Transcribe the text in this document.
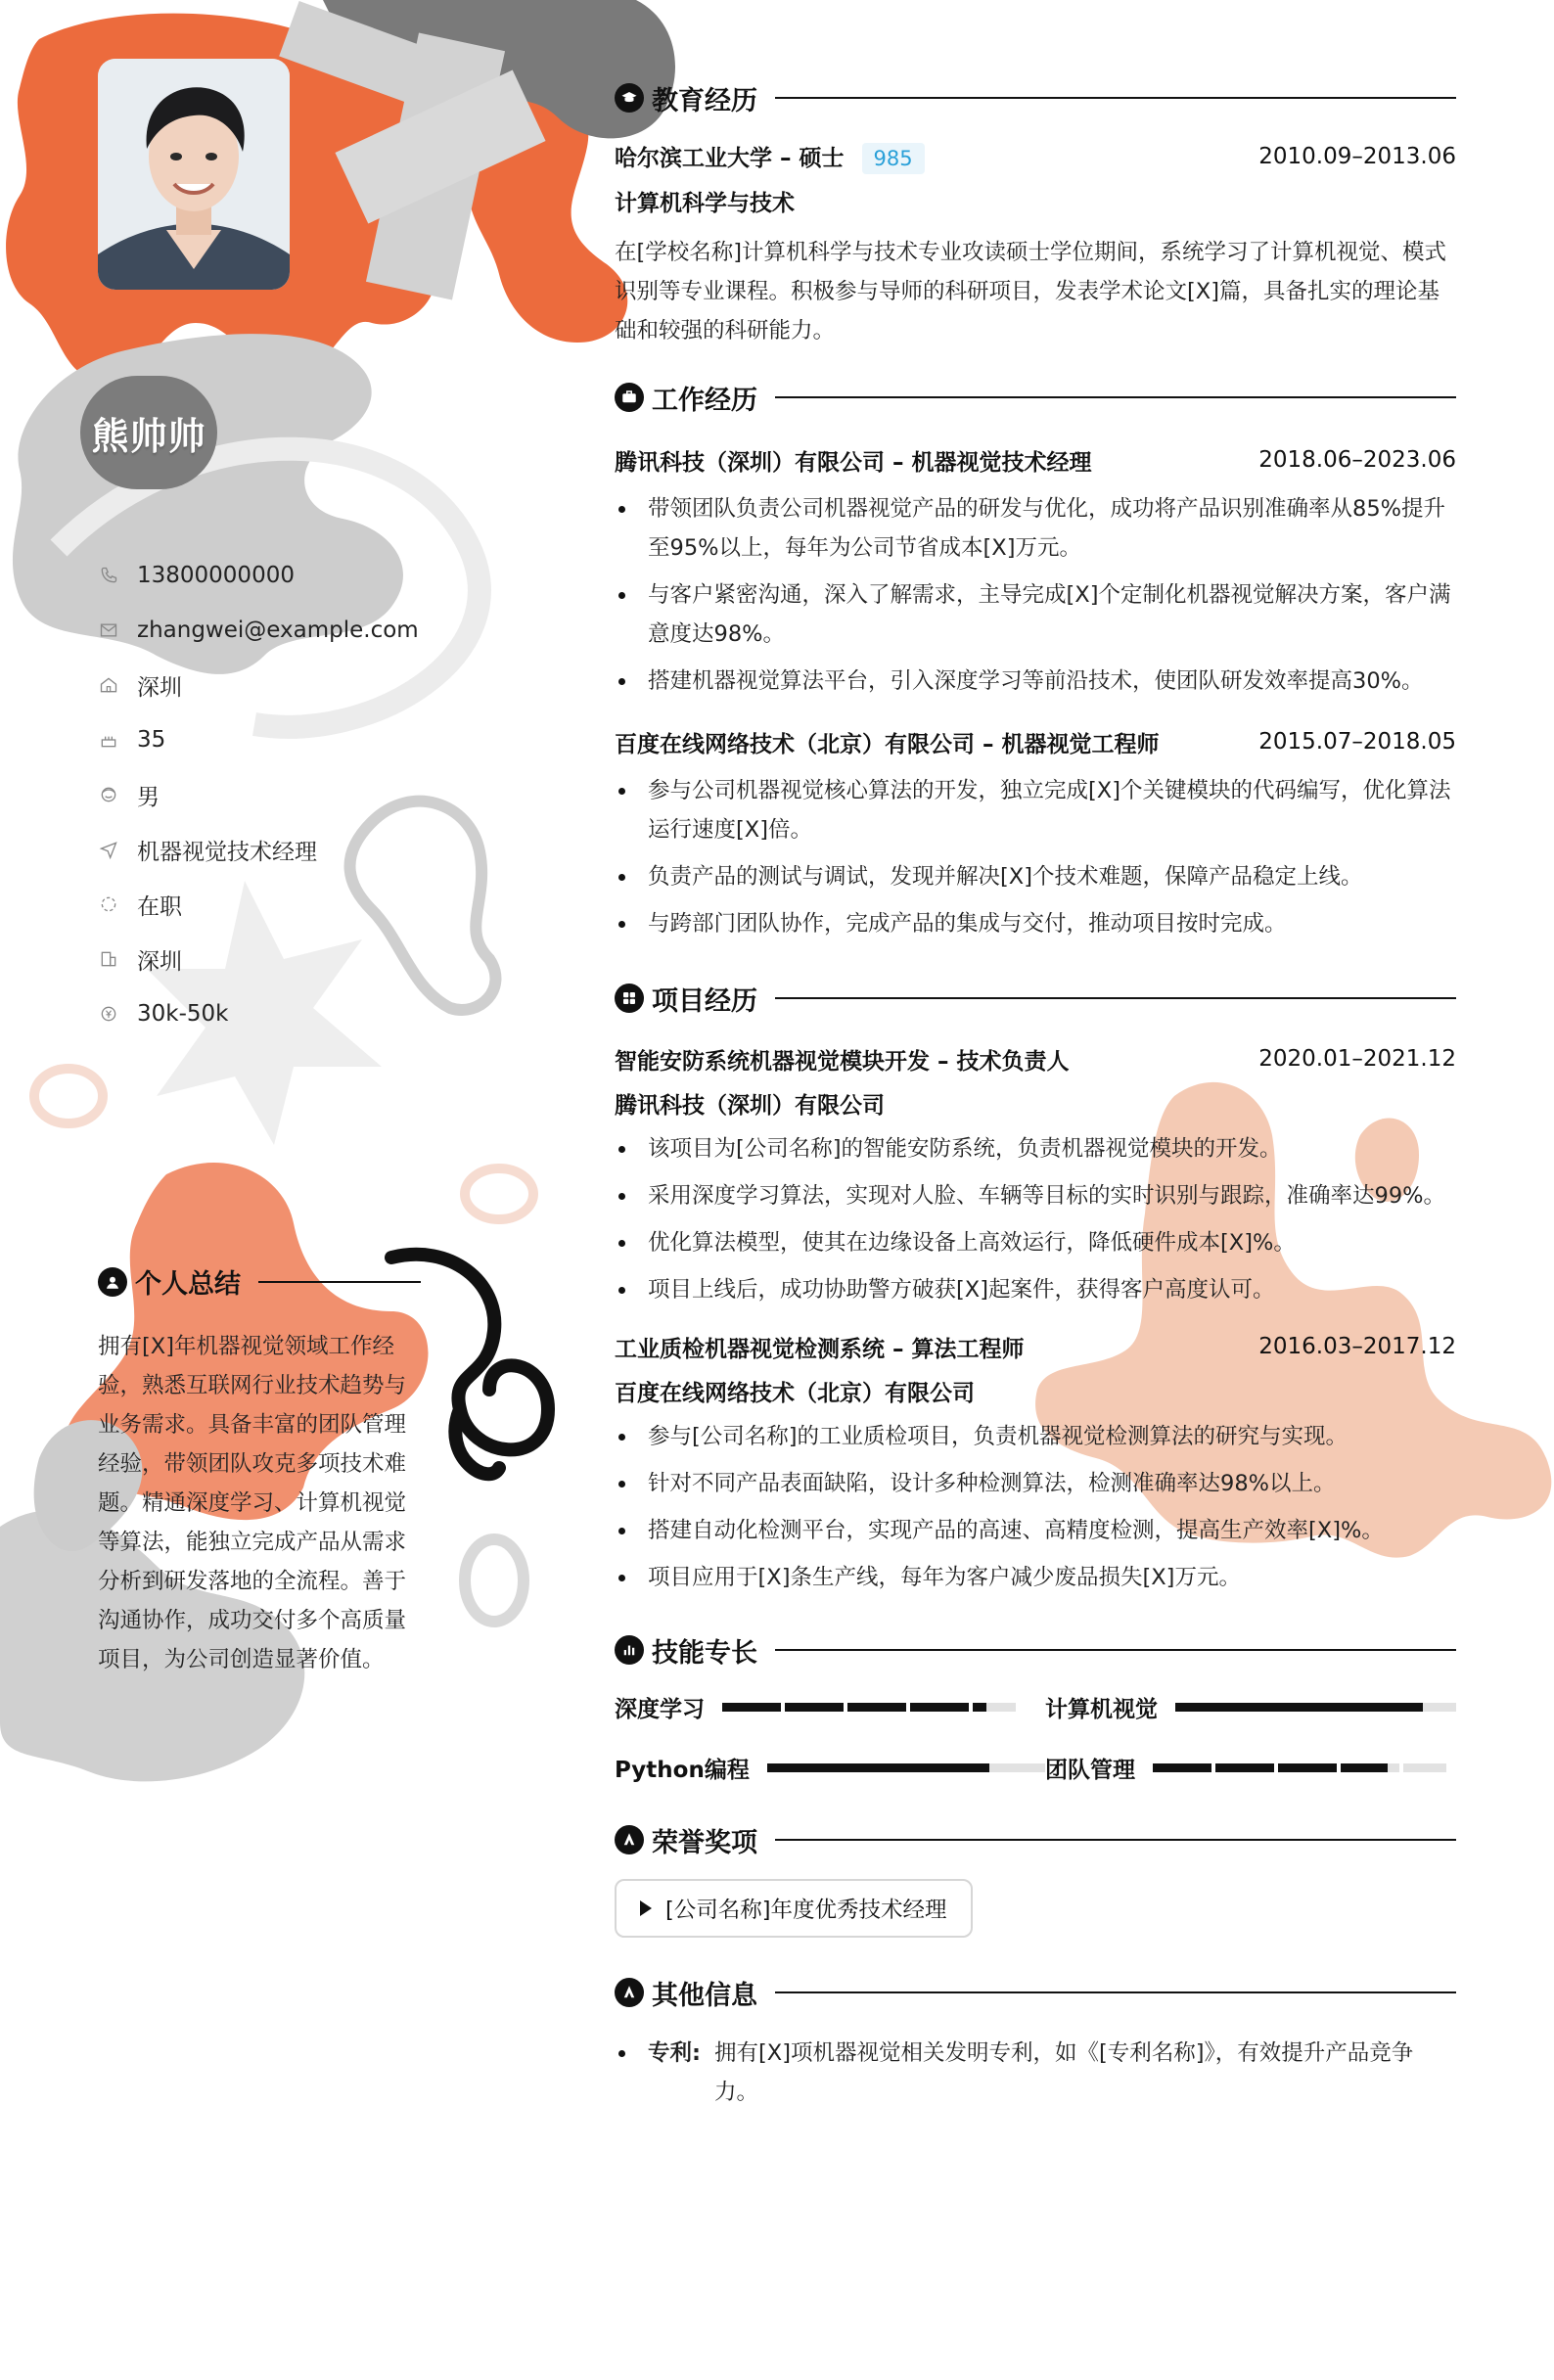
熊帅帅
13800000000
zhangwei@example.com
深圳
35
男
机器视觉技术经理
在职
深圳
30k-50k
个人总结
拥有[X]年机器视觉领域工作经验，熟悉互联网行业技术趋势与业务需求。具备丰富的团队管理经验，带领团队攻克多项技术难题。精通深度学习、计算机视觉等算法，能独立完成产品从需求分析到研发落地的全流程。善于沟通协作，成功交付多个高质量项目，为公司创造显著价值。
教育经历
哈尔滨工业大学 – 硕士 985	2010.09–2013.06
计算机科学与技术
在[学校名称]计算机科学与技术专业攻读硕士学位期间，系统学习了计算机视觉、模式识别等专业课程。积极参与导师的科研项目，发表学术论文[X]篇，具备扎实的理论基础和较强的科研能力。
工作经历
腾讯科技（深圳）有限公司 – 机器视觉技术经理	2018.06–2023.06
带领团队负责公司机器视觉产品的研发与优化，成功将产品识别准确率从85%提升至95%以上，每年为公司节省成本[X]万元。
与客户紧密沟通，深入了解需求，主导完成[X]个定制化机器视觉解决方案，客户满意度达98%。
搭建机器视觉算法平台，引入深度学习等前沿技术，使团队研发效率提高30%。
百度在线网络技术（北京）有限公司 – 机器视觉工程师	2015.07–2018.05
参与公司机器视觉核心算法的开发，独立完成[X]个关键模块的代码编写，优化算法运行速度[X]倍。
负责产品的测试与调试，发现并解决[X]个技术难题，保障产品稳定上线。
与跨部门团队协作，完成产品的集成与交付，推动项目按时完成。
项目经历
智能安防系统机器视觉模块开发 – 技术负责人	2020.01–2021.12
腾讯科技（深圳）有限公司
该项目为[公司名称]的智能安防系统，负责机器视觉模块的开发。
采用深度学习算法，实现对人脸、车辆等目标的实时识别与跟踪，准确率达99%。
优化算法模型，使其在边缘设备上高效运行，降低硬件成本[X]%。
项目上线后，成功协助警方破获[X]起案件，获得客户高度认可。
工业质检机器视觉检测系统 – 算法工程师	2016.03–2017.12
百度在线网络技术（北京）有限公司
参与[公司名称]的工业质检项目，负责机器视觉检测算法的研究与实现。
针对不同产品表面缺陷，设计多种检测算法，检测准确率达98%以上。
搭建自动化检测平台，实现产品的高速、高精度检测，提高生产效率[X]%。
项目应用于[X]条生产线，每年为客户减少废品损失[X]万元。
技能专长
深度学习	计算机视觉
Python编程	团队管理
荣誉奖项
[公司名称]年度优秀技术经理
其他信息
专利: 拥有[X]项机器视觉相关发明专利，如《[专利名称]》，有效提升产品竞争力。
